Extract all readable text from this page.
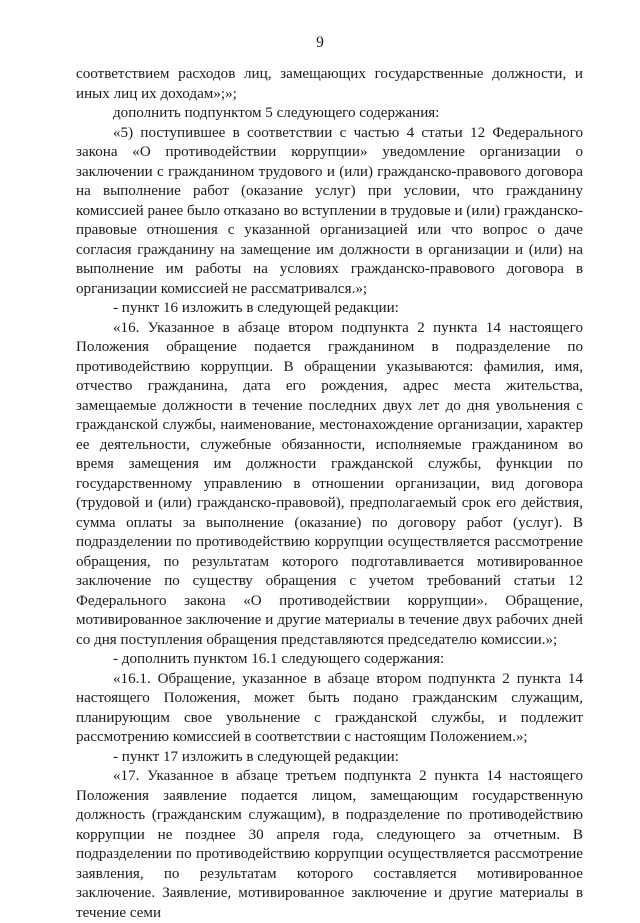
9

соответствием расходов лиц, замещающих государственные должности, и иных лиц их доходам»;»;

дополнить подпунктом 5 следующего содержания:

«5) поступившее в соответствии с частью 4 статьи 12 Федерального закона «О противодействии коррупции» уведомление организации о заключении с гражданином трудового и (или) гражданско-правового договора на выполнение работ (оказание услуг) при условии, что гражданину комиссией ранее было отказано во вступлении в трудовые и (или) гражданско-правовые отношения с указанной организацией или что вопрос о даче согласия гражданину на замещение им должности в организации и (или) на выполнение им работы на условиях гражданско-правового договора в организации комиссией не рассматривался.»;

- пункт 16 изложить в следующей редакции:

«16. Указанное в абзаце втором подпункта 2 пункта 14 настоящего Положения обращение подается гражданином в подразделение по противодействию коррупции. В обращении указываются: фамилия, имя, отчество гражданина, дата его рождения, адрес места жительства, замещаемые должности в течение последних двух лет до дня увольнения с гражданской службы, наименование, местонахождение организации, характер ее деятельности, служебные обязанности, исполняемые гражданином во время замещения им должности гражданской службы, функции по государственному управлению в отношении организации, вид договора (трудовой и (или) гражданско-правовой), предполагаемый срок его действия, сумма оплаты за выполнение (оказание) по договору работ (услуг). В подразделении по противодействию коррупции осуществляется рассмотрение обращения, по результатам которого подготавливается мотивированное заключение по существу обращения с учетом требований статьи 12 Федерального закона «О противодействии коррупции». Обращение, мотивированное заключение и другие материалы в течение двух рабочих дней со дня поступления обращения представляются председателю комиссии.»;

- дополнить пунктом 16.1 следующего содержания:

«16.1. Обращение, указанное в абзаце втором подпункта 2 пункта 14 настоящего Положения, может быть подано гражданским служащим, планирующим свое увольнение с гражданской службы, и подлежит рассмотрению комиссией в соответствии с настоящим Положением.»;

- пункт 17 изложить в следующей редакции:

«17. Указанное в абзаце третьем подпункта 2 пункта 14 настоящего Положения заявление подается лицом, замещающим государственную должность (гражданским служащим), в подразделение по противодействию коррупции не позднее 30 апреля года, следующего за отчетным. В подразделении по противодействию коррупции осуществляется рассмотрение заявления, по результатам которого составляется мотивированное заключение. Заявление, мотивированное заключение и другие материалы в течение семи
